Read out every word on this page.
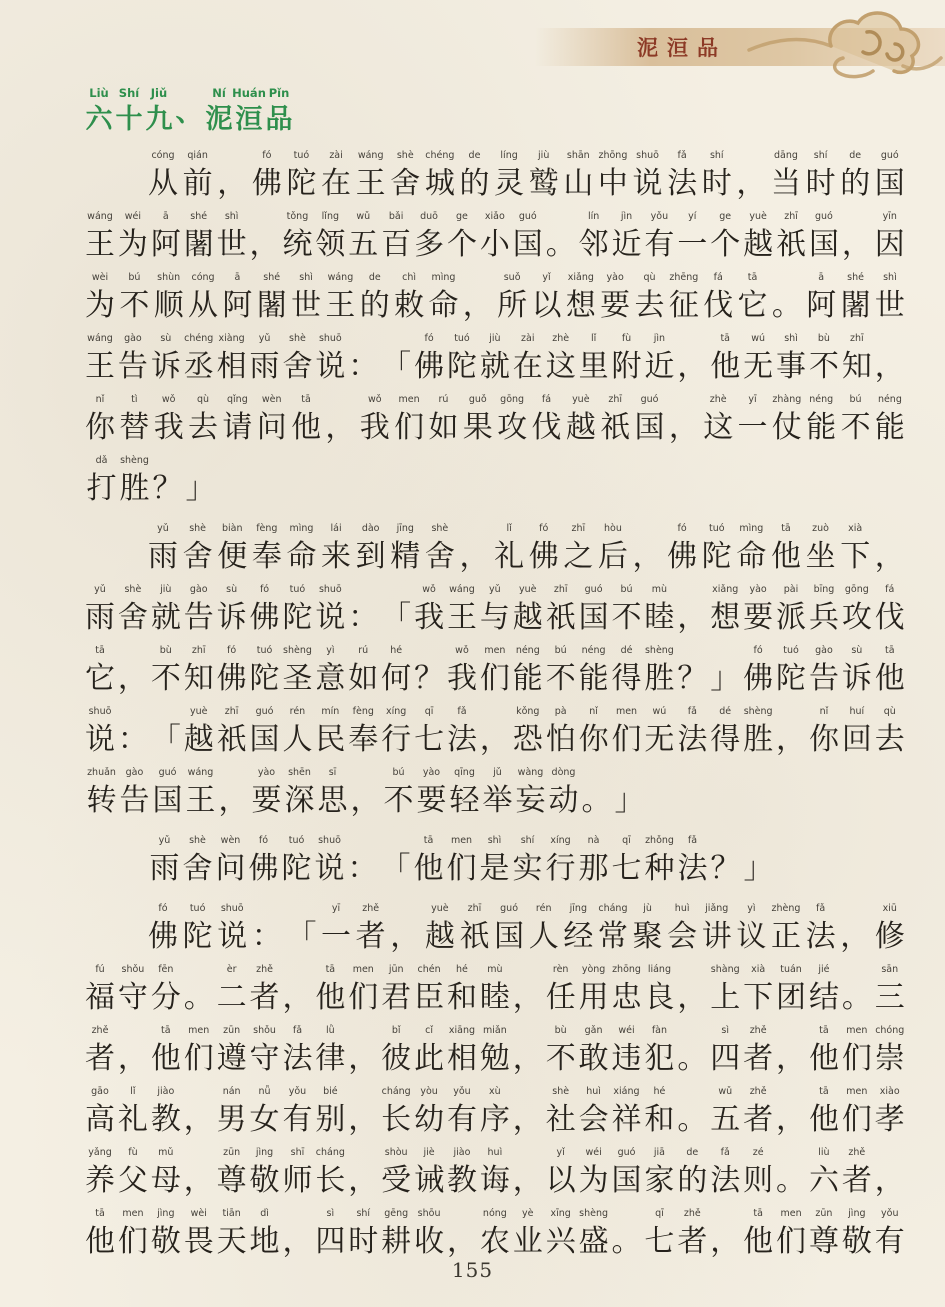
泥洹品
Liù
六
Shí
十
Jiǔ
九 、
Ní
泥
Huán
洹
Pǐn
品
cóng
从
qián
前 ，
fó
佛
tuó
陀
zài
在
wáng
王
shè
舍
chéng
城
de
的
líng
灵
jiù
鹫
shān
山
zhōng
中
shuō
说
fǎ
法
shí
时 ，
dāng
当
shí
时
de
的
guó
国
wáng
王
wéi
为
ā
阿
shé
闍
shì
世 ，
tǒng
统
lǐng
领
wǔ
五
bǎi
百
duō
多
ge
个
xiǎo
小
guó
国 。
lín
邻
jìn
近
yǒu
有
yí
一
ge
个
yuè
越
zhī
祇
guó
国 ，
yīn
因
wèi
为
bú
不
shùn
顺
cóng
从
ā
阿
shé
闍
shì
世
wáng
王
de
的
chì
敕
mìng
命 ，
suǒ
所
yǐ
以
xiǎng
想
yào
要
qù
去
zhēng
征
fá
伐
tā
它 。
ā
阿
shé
闍
shì
世
wáng
王
gào
告
sù
诉
chéng
丞
xiàng
相
yǔ
雨
shè
舍
shuō
说 ： 「
fó
佛
tuó
陀
jiù
就
zài
在
zhè
这
lǐ
里
fù
附
jìn
近 ，
tā
他
wú
无
shì
事
bù
不
zhī
知 ，
nǐ
你
tì
替
wǒ
我
qù
去
qǐng
请
wèn
问
tā
他 ，
wǒ
我
men
们
rú
如
guǒ
果
gōng
攻
fá
伐
yuè
越
zhī
祇
guó
国 ，
zhè
这
yī
一
zhàng
仗
néng
能
bú
不
néng
能
dǎ
打
shèng
胜 ？ 」
yǔ
雨
shè
舍
biàn
便
fèng
奉
mìng
命
lái
来
dào
到
jīng
精
shè
舍 ，
lǐ
礼
fó
佛
zhī
之
hòu
后 ，
fó
佛
tuó
陀
mìng
命
tā
他
zuò
坐
xià
下 ，
yǔ
雨
shè
舍
jiù
就
gào
告
sù
诉
fó
佛
tuó
陀
shuō
说 ： 「
wǒ
我
wáng
王
yǔ
与
yuè
越
zhī
祇
guó
国
bú
不
mù
睦 ，
xiǎng
想
yào
要
pài
派
bīng
兵
gōng
攻
fá
伐
tā
它 ，
bù
不
zhī
知
fó
佛
tuó
陀
shèng
圣
yì
意
rú
如
hé
何 ？
wǒ
我
men
们
néng
能
bú
不
néng
能
dé
得
shèng
胜 ？ 」
fó
佛
tuó
陀
gào
告
sù
诉
tā
他
shuō
说 ： 「
yuè
越
zhī
祇
guó
国
rén
人
mín
民
fèng
奉
xíng
行
qī
七
fǎ
法 ，
kǒng
恐
pà
怕
nǐ
你
men
们
wú
无
fǎ
法
dé
得
shèng
胜 ，
nǐ
你
huí
回
qù
去
zhuǎn
转
gào
告
guó
国
wáng
王 ，
yào
要
shēn
深
sī
思 ，
bú
不
yào
要
qīng
轻
jǔ
举
wàng
妄
dòng
动 。 」
yǔ
雨
shè
舍
wèn
问
fó
佛
tuó
陀
shuō
说 ： 「
tā
他
men
们
shì
是
shí
实
xíng
行
nà
那
qī
七
zhǒng
种
fǎ
法 ？ 」
fó
佛
tuó
陀
shuō
说 ： 「
yī
一
zhě
者 ，
yuè
越
zhī
祇
guó
国
rén
人
jīng
经
cháng
常
jù
聚
huì
会
jiǎng
讲
yì
议
zhèng
正
fǎ
法 ，
xiū
修
fú
福
shǒu
守
fēn
分 。
èr
二
zhě
者 ，
tā
他
men
们
jūn
君
chén
臣
hé
和
mù
睦 ，
rèn
任
yòng
用
zhōng
忠
liáng
良 ，
shàng
上
xià
下
tuán
团
jié
结 。
sān
三
zhě
者 ，
tā
他
men
们
zūn
遵
shǒu
守
fǎ
法
lǜ
律 ，
bǐ
彼
cǐ
此
xiāng
相
miǎn
勉 ，
bù
不
gǎn
敢
wéi
违
fàn
犯 。
sì
四
zhě
者 ，
tā
他
men
们
chóng
崇
gāo
高
lǐ
礼
jiào
教 ，
nán
男
nǚ
女
yǒu
有
bié
别 ，
cháng
长
yòu
幼
yǒu
有
xù
序 ，
shè
社
huì
会
xiáng
祥
hé
和 。
wǔ
五
zhě
者 ，
tā
他
men
们
xiào
孝
yǎng
养
fù
父
mǔ
母 ，
zūn
尊
jìng
敬
shī
师
cháng
长 ，
shòu
受
jiè
诫
jiào
教
huì
诲 ，
yǐ
以
wéi
为
guó
国
jiā
家
de
的
fǎ
法
zé
则 。
liù
六
zhě
者 ，
tā
他
men
们
jìng
敬
wèi
畏
tiān
天
dì
地 ，
sì
四
shí
时
gēng
耕
shōu
收 ，
nóng
农
yè
业
xīng
兴
shèng
盛 。
qī
七
zhě
者 ，
tā
他
men
们
zūn
尊
jìng
敬
yǒu
有
155
